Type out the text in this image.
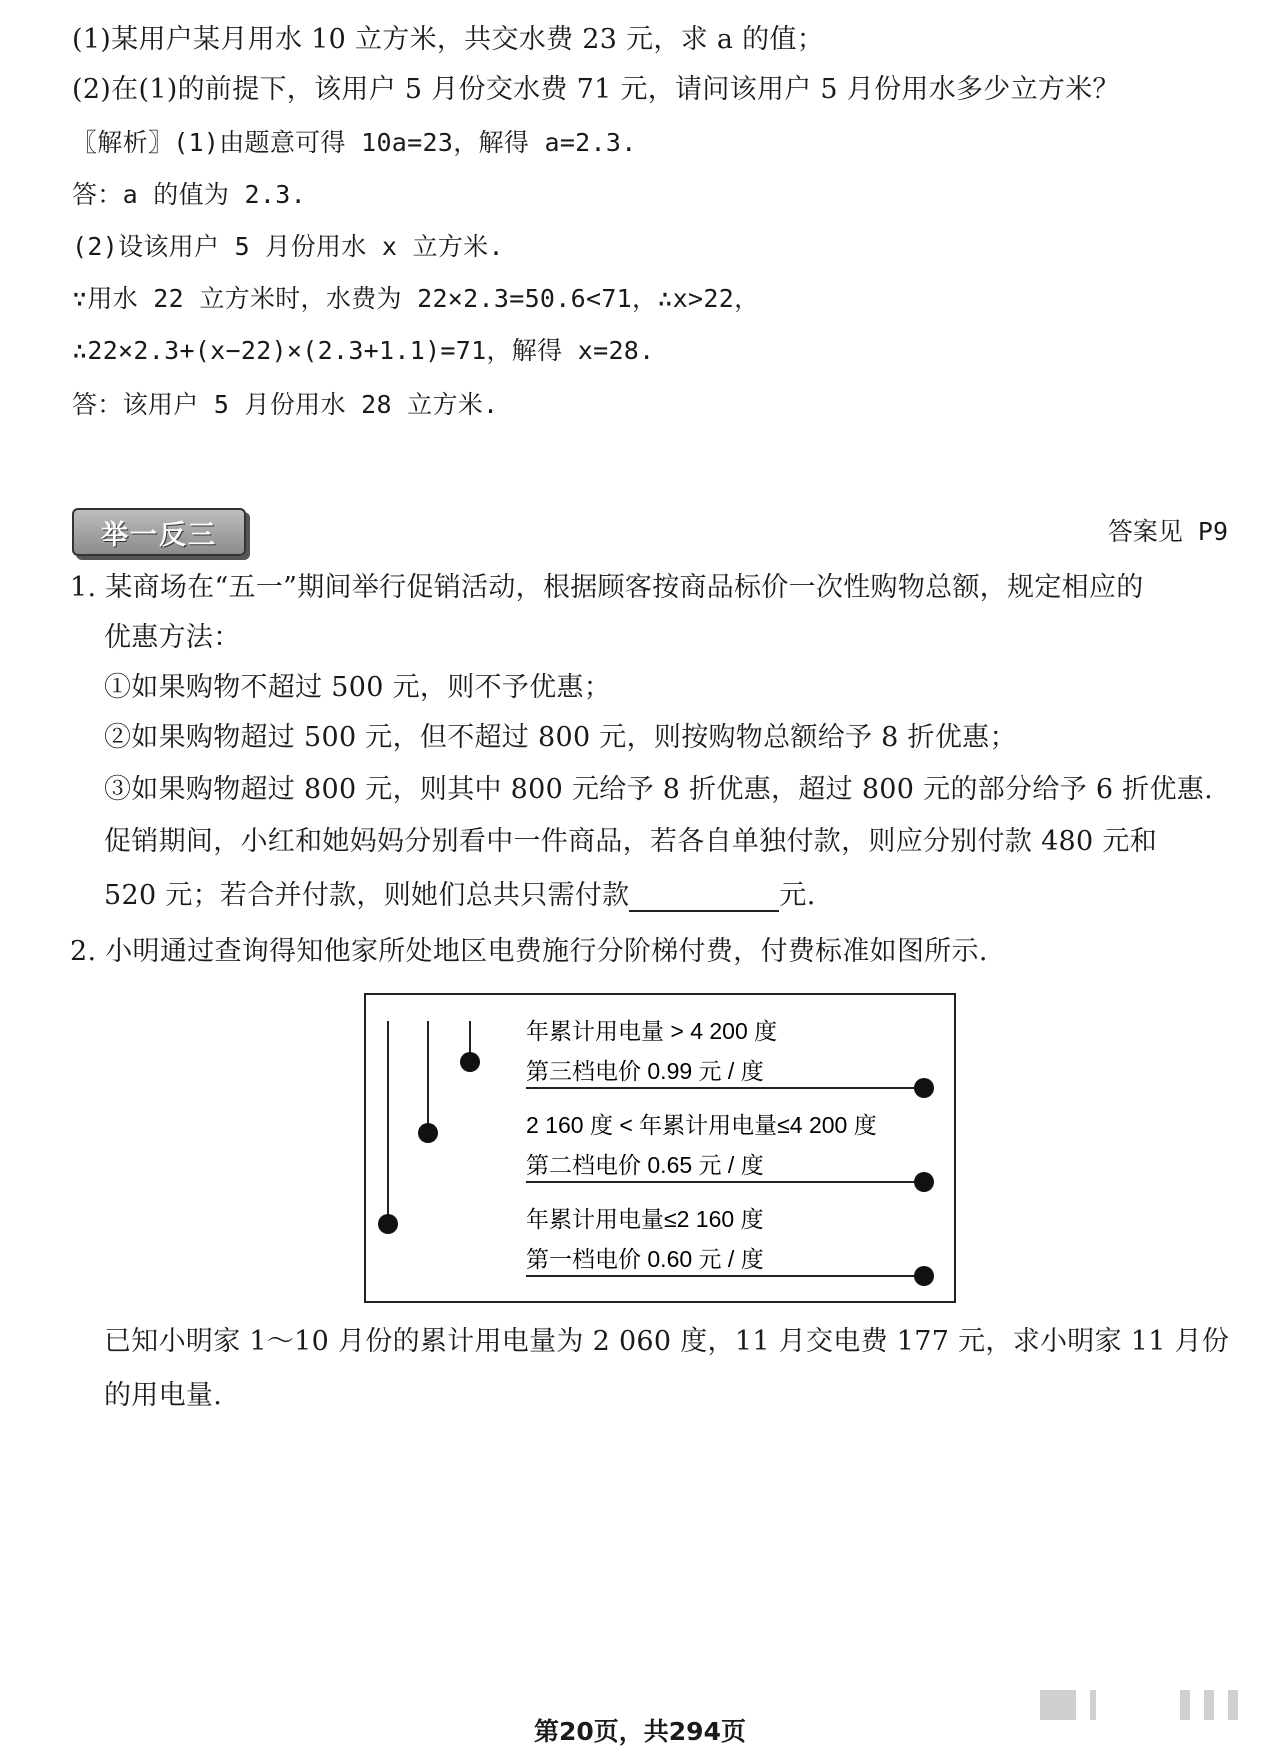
(1)某用户某月用水 10 立方米，共交水费 23 元，求 a 的值；
(2)在(1)的前提下，该用户 5 月份交水费 71 元，请问该用户 5 月份用水多少立方米？
〖解析〗(1)由题意可得 10a=23，解得 a=2.3.
答：a 的值为 2.3.
(2)设该用户 5 月份用水 x 立方米.
∵用水 22 立方米时，水费为 22×2.3=50.6<71，∴x>22，
∴22×2.3+(x−22)×(2.3+1.1)=71，解得 x=28.
答：该用户 5 月份用水 28 立方米.
举一反三	答案见 P9
1. 某商场在“五一”期间举行促销活动，根据顾客按商品标价一次性购物总额，规定相应的
优惠方法：
①如果购物不超过 500 元，则不予优惠；
②如果购物超过 500 元，但不超过 800 元，则按购物总额给予 8 折优惠；
③如果购物超过 800 元，则其中 800 元给予 8 折优惠，超过 800 元的部分给予 6 折优惠.
促销期间，小红和她妈妈分别看中一件商品，若各自单独付款，则应分别付款 480 元和
520 元；若合并付款，则她们总共只需付款	元.
2. 小明通过查询得知他家所处地区电费施行分阶梯付费，付费标准如图所示.
年累计用电量 > 4 200 度
第三档电价 0.99 元 / 度
2 160 度 < 年累计用电量≤4 200 度
第二档电价 0.65 元 / 度
年累计用电量≤2 160 度
第一档电价 0.60 元 / 度
已知小明家 1～10 月份的累计用电量为 2 060 度，11 月交电费 177 元，求小明家 11 月份
的用电量.
第20页，共294页
